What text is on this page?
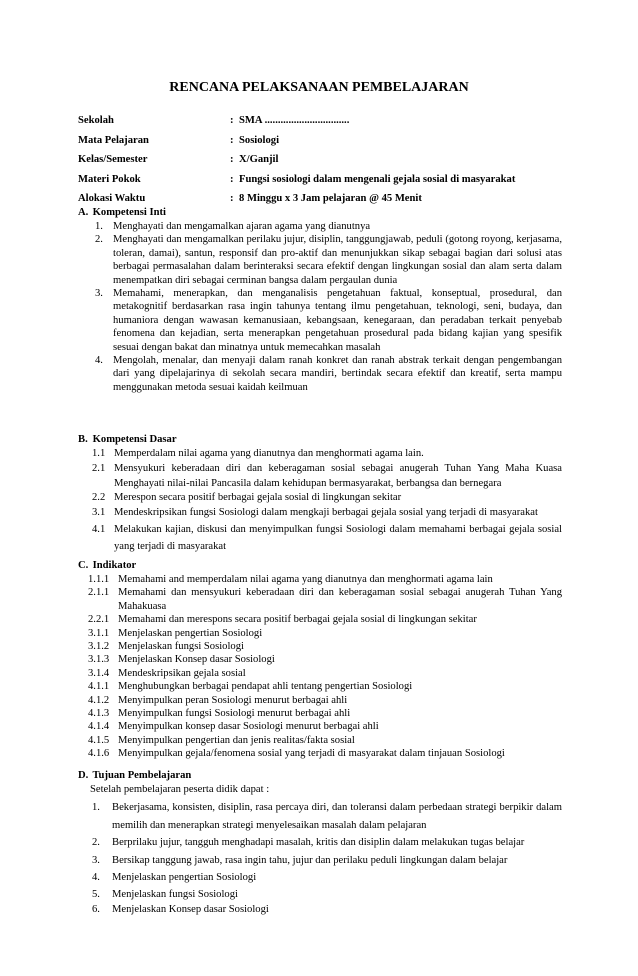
RENCANA PELAKSANAAN PEMBELAJARAN
Sekolah	: SMA ................................
Mata Pelajaran	: Sosiologi
Kelas/Semester	: X/Ganjil
Materi Pokok	: Fungsi sosiologi dalam mengenali gejala sosial di masyarakat
Alokasi Waktu	: 8 Minggu x 3 Jam pelajaran @ 45 Menit
A. Kompetensi Inti
1. Menghayati dan mengamalkan ajaran agama yang dianutnya
2. Menghayati dan mengamalkan perilaku jujur, disiplin, tanggungjawab, peduli (gotong royong, kerjasama, toleran, damai), santun, responsif dan pro-aktif dan menunjukkan sikap sebagai bagian dari solusi atas berbagai permasalahan dalam berinteraksi secara efektif dengan lingkungan sosial dan alam serta dalam menempatkan diri sebagai cerminan bangsa dalam pergaulan dunia
3. Memahami, menerapkan, dan menganalisis pengetahuan faktual, konseptual, prosedural, dan metakognitif berdasarkan rasa ingin tahunya tentang ilmu pengetahuan, teknologi, seni, budaya, dan humaniora dengan wawasan kemanusiaan, kebangsaan, kenegaraan, dan peradaban terkait penyebab fenomena dan kejadian, serta menerapkan pengetahuan prosedural pada bidang kajian yang spesifik sesuai dengan bakat dan minatnya untuk memecahkan masalah
4. Mengolah, menalar, dan menyaji dalam ranah konkret dan ranah abstrak terkait dengan pengembangan dari yang dipelajarinya di sekolah secara mandiri, bertindak secara efektif dan kreatif, serta mampu menggunakan metoda sesuai kaidah keilmuan
B. Kompetensi Dasar
1.1 Memperdalam nilai agama yang dianutnya dan menghormati agama lain.
2.1 Mensyukuri keberadaan diri dan keberagaman sosial sebagai anugerah Tuhan Yang Maha Kuasa Menghayati nilai-nilai Pancasila dalam kehidupan bermasyarakat, berbangsa dan bernegara
2.2 Merespon secara positif berbagai gejala sosial di lingkungan sekitar
3.1 Mendeskripsikan fungsi Sosiologi dalam mengkaji berbagai gejala sosial yang terjadi di masyarakat
4.1 Melakukan kajian, diskusi dan menyimpulkan fungsi Sosiologi dalam memahami berbagai gejala sosial yang terjadi di masyarakat
C. Indikator
1.1.1 Memahami and memperdalam nilai agama yang dianutnya dan menghormati agama lain
2.1.1 Memahami dan mensyukuri keberadaan diri dan keberagaman sosial sebagai anugerah Tuhan Yang Mahakuasa
2.2.1 Memahami dan merespons secara positif berbagai gejala sosial di lingkungan sekitar
3.1.1 Menjelaskan pengertian Sosiologi
3.1.2 Menjelaskan fungsi Sosiologi
3.1.3 Menjelaskan Konsep dasar Sosiologi
3.1.4 Mendeskripsikan gejala sosial
4.1.1 Menghubungkan berbagai pendapat ahli tentang pengertian Sosiologi
4.1.2 Menyimpulkan peran Sosiologi menurut berbagai ahli
4.1.3 Menyimpulkan fungsi Sosiologi menurut berbagai ahli
4.1.4 Menyimpulkan konsep dasar Sosiologi menurut berbagai ahli
4.1.5 Menyimpulkan pengertian dan jenis realitas/fakta sosial
4.1.6 Menyimpulkan gejala/fenomena sosial yang terjadi di masyarakat dalam tinjauan Sosiologi
D. Tujuan Pembelajaran
Setelah pembelajaran peserta didik dapat :
1. Bekerjasama, konsisten, disiplin, rasa percaya diri, dan toleransi dalam perbedaan strategi berpikir dalam memilih dan menerapkan strategi menyelesaikan masalah dalam pelajaran
2. Berprilaku jujur, tangguh menghadapi masalah, kritis dan disiplin dalam melakukan tugas belajar
3. Bersikap tanggung jawab, rasa ingin tahu, jujur dan perilaku peduli lingkungan dalam belajar
4. Menjelaskan pengertian Sosiologi
5. Menjelaskan fungsi Sosiologi
6. Menjelaskan Konsep dasar Sosiologi
